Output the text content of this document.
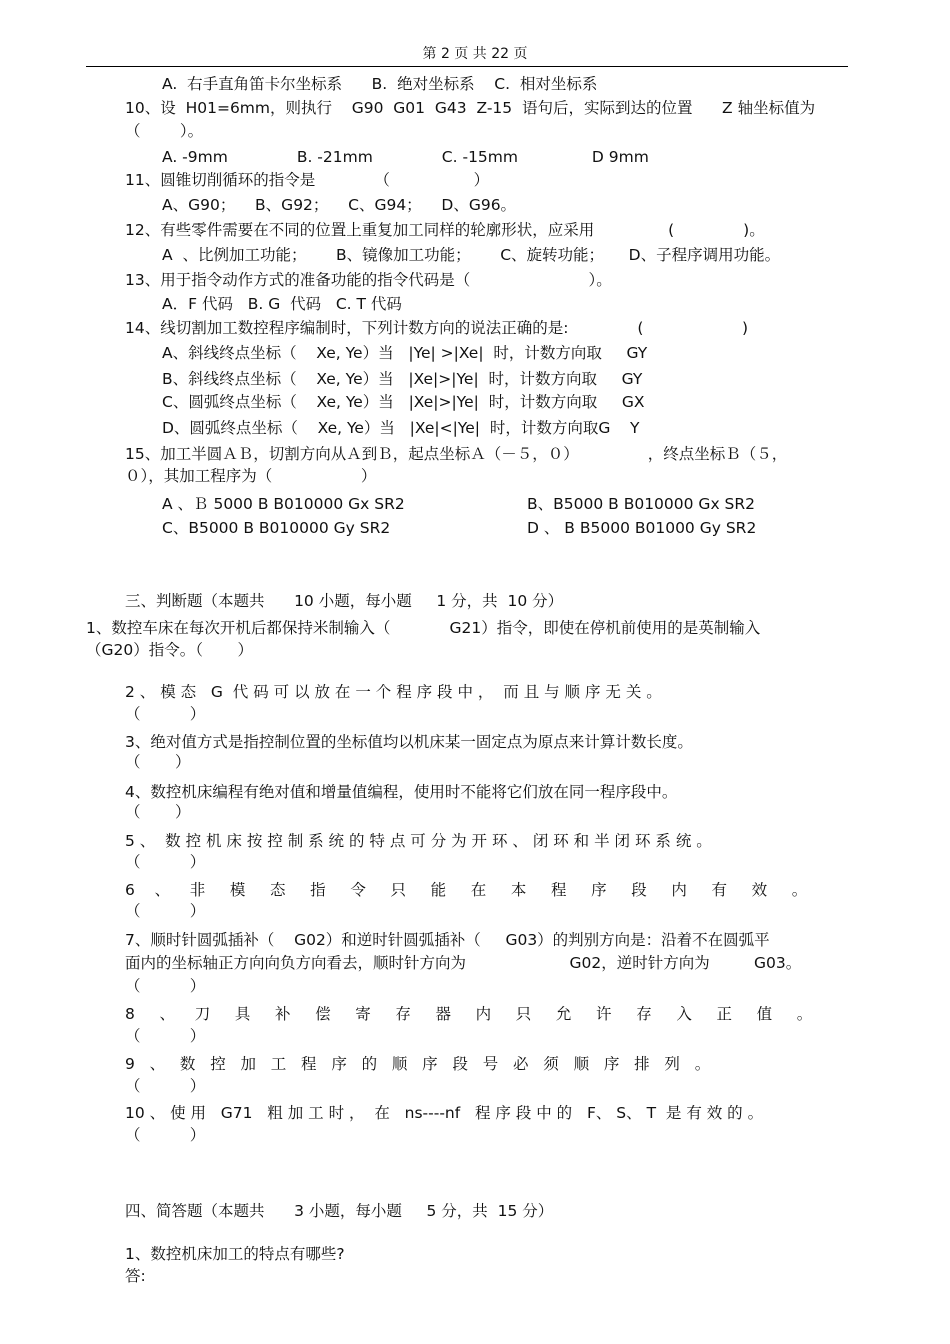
第 2 页 共 22 页
A.  右手直角笛卡尔坐标系      B.  绝对坐标系    C.  相对坐标系
10、设  H01=6mm，则执行    G90  G01  G43  Z-15  语句后，实际到达的位置      Z 轴坐标值为
（        ）。
A. -9mm              B. -21mm              C. -15mm               D 9mm
11、圆锥切削循环的指令是            （                 ）
A、G90；    B、G92；    C、G94；    D、G96。
12、有些零件需要在不同的位置上重复加工同样的轮廓形状，应采用               (              )。
A  、比例加工功能；      B、镜像加工功能；      C、旋转功能；     D、子程序调用功能。
13、用于指令动作方式的准备功能的指令代码是（                        ）。
A．F 代码   B. G  代码   C. T 代码
14、线切割加工数控程序编制时，下列计数方向的说法正确的是:              (                    )
A、斜线终点坐标（    Xe, Ye）当   |Ye| >|Xe|  时，计数方向取     GY
B、斜线终点坐标（    Xe, Ye）当   |Xe|>|Ye|  时，计数方向取     GY
C、圆弧终点坐标（    Xe, Ye）当   |Xe|>|Ye|  时，计数方向取     GX
D、圆弧终点坐标（    Xe, Ye）当   |Xe|<|Ye|  时，计数方向取G    Y
15、加工半圆ＡＢ，切割方向从Ａ到Ｂ，起点坐标Ａ（－５，０）              ，终点坐标Ｂ（５，
０），其加工程序为（                  ）
A 、Ｂ 5000 B B010000 Gx SR2	B、B5000 B B010000 Gx SR2
C、B5000 B B010000 Gy SR2	D 、 B B5000 B01000 Gy SR2
三、判断题（本题共      10 小题，每小题     1 分，共  10 分）
1、数控车床在每次开机后都保持米制输入（            G21）指令，即使在停机前使用的是英制输入
（G20）指令。（       ）
2 、 模 态   G  代 码 可 以 放 在 一 个 程 序 段 中 ，  而 且 与 顺 序 无 关 。
（          ）
3、绝对值方式是指控制位置的坐标值均以机床某一固定点为原点来计算计数长度。
（       ）
4、数控机床编程有绝对值和增量值编程，使用时不能将它们放在同一程序段中。
（       ）
5 、  数 控 机 床 按 控 制 系 统 的 特 点 可 分 为 开 环 、 闭 环 和 半 闭 环 系 统 。
（          ）
6    、    非     模     态     指     令     只     能     在     本     程     序     段     内     有     效     。
（          ）
7、顺时针圆弧插补（    G02）和逆时针圆弧插补（     G03）的判别方向是：沿着不在圆弧平
面内的坐标轴正方向向负方向看去，顺时针方向为                     G02，逆时针方向为         G03。
（          ）
8     、    刀     具     补     偿     寄     存     器     内     只     允     许     存     入     正     值     。
（          ）
9   、   数   控   加   工   程   序   的   顺   序   段   号   必   须   顺   序   排   列   。
（          ）
10 、 使 用   G71   粗 加 工 时 ，  在   ns----nf   程 序 段 中 的   F、 S、 T  是 有 效 的 。
（          ）
四、简答题（本题共      3 小题，每小题     5 分，共  15 分）
1、数控机床加工的特点有哪些?
答:
